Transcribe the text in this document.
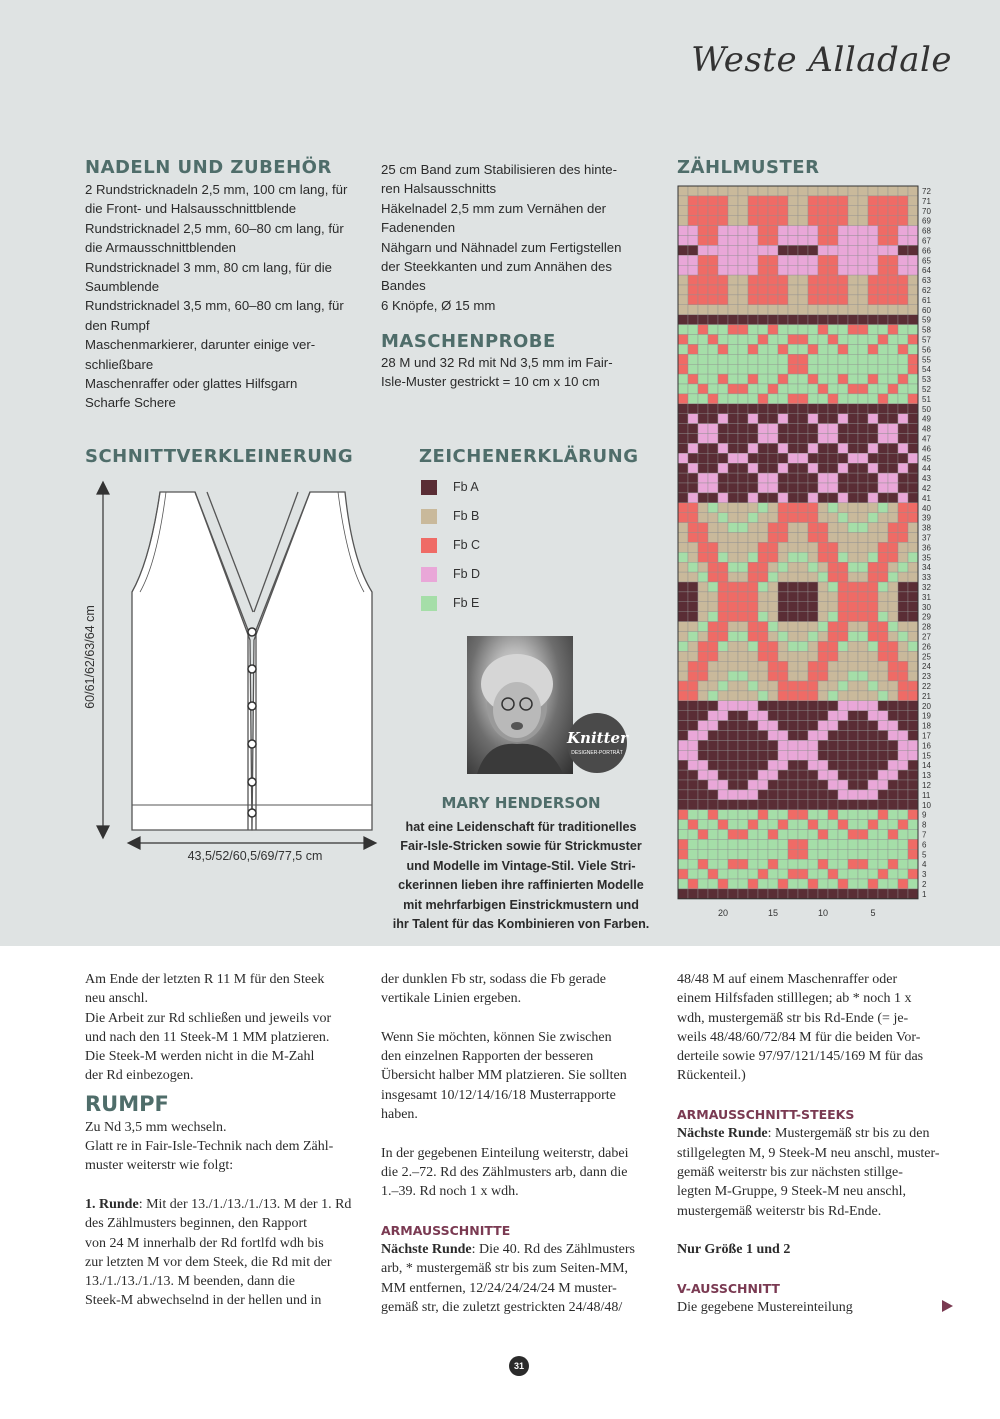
Weste Alladale
NADELN UND ZUBEHÖR
2 Rundstricknadeln 2,5 mm, 100 cm lang, für
die Front- und Halsausschnittblende
Rundstricknadel 2,5 mm, 60–80 cm lang, für
die Armausschnittblenden
Rundstricknadel 3 mm, 80 cm lang, für die
Saumblende
Rundstricknadel 3,5 mm, 60–80 cm lang, für
den Rumpf
Maschenmarkierer, darunter einige ver-
schließbare
Maschenraffer oder glattes Hilfsgarn
Scharfe Schere
25 cm Band zum Stabilisieren des hinte-
ren Halsausschnitts
Häkelnadel 2,5 mm zum Vernähen der
Fadenenden
Nähgarn und Nähnadel zum Fertigstellen
der Steekkanten und zum Annähen des
Bandes
6 Knöpfe, Ø 15 mm
MASCHENPROBE
28 M und 32 Rd mit Nd 3,5 mm im Fair-
Isle-Muster gestrickt = 10 cm x 10 cm
SCHNITTVERKLEINERUNG
60/61/62/63/64 cm
43,5/52/60,5/69/77,5 cm
ZEICHENERKLÄRUNG
Fb A
Fb B
Fb C
Fb D
Fb E
Knitter
DESIGNER-PORTRÄT
MARY HENDERSON
hat eine Leidenschaft für traditionelles
Fair-Isle-Stricken sowie für Strickmuster
und Modelle im Vintage-Stil. Viele Stri-
ckerinnen lieben ihre raffinierten Modelle
mit mehrfarbigen Einstrickmustern und
ihr Talent für das Kombinieren von Farben.
ZÄHLMUSTER
72
71
70
69
68
67
66
65
64
63
62
61
60
59
58
57
56
55
54
53
52
51
50
49
48
47
46
45
44
43
42
41
40
39
38
37
36
35
34
33
32
31
30
29
28
27
26
25
24
23
22
21
20
19
18
17
16
15
14
13
12
11
10
9
8
7
6
5
4
3
2
1
20	15	10	5
Am Ende der letzten R 11 M für den Steek
neu anschl.
Die Arbeit zur Rd schließen und jeweils vor
und nach den 11 Steek-M 1 MM platzieren.
Die Steek-M werden nicht in die M-Zahl
der Rd einbezogen.
RUMPF
Zu Nd 3,5 mm wechseln.
Glatt re in Fair-Isle-Technik nach dem Zähl-
muster weiterstr wie folgt:
1. Runde: Mit der 13./1./13./1./13. M der 1. Rd
des Zählmusters beginnen, den Rapport
von 24 M innerhalb der Rd fortlfd wdh bis
zur letzten M vor dem Steek, die Rd mit der
13./1./13./1./13. M beenden, dann die
Steek-M abwechselnd in der hellen und in
der dunklen Fb str, sodass die Fb gerade
vertikale Linien ergeben.
Wenn Sie möchten, können Sie zwischen
den einzelnen Rapporten der besseren
Übersicht halber MM platzieren. Sie sollten
insgesamt 10/12/14/16/18 Musterrapporte
haben.
In der gegebenen Einteilung weiterstr, dabei
die 2.–72. Rd des Zählmusters arb, dann die
1.–39. Rd noch 1 x wdh.
ARMAUSSCHNITTE
Nächste Runde: Die 40. Rd des Zählmusters
arb, * mustergemäß str bis zum Seiten-MM,
MM entfernen, 12/24/24/24/24 M muster-
gemäß str, die zuletzt gestrickten 24/48/48/
48/48 M auf einem Maschenraffer oder
einem Hilfsfaden stilllegen; ab * noch 1 x
wdh, mustergemäß str bis Rd-Ende (= je-
weils 48/48/60/72/84 M für die beiden Vor-
derteile sowie 97/97/121/145/169 M für das
Rückenteil.)
ARMAUSSCHNITT-STEEKS
Nächste Runde: Mustergemäß str bis zu den
stillgelegten M, 9 Steek-M neu anschl, muster-
gemäß weiterstr bis zur nächsten stillge-
legten M-Gruppe, 9 Steek-M neu anschl,
mustergemäß weiterstr bis Rd-Ende.
Nur Größe 1 und 2
V-AUSSCHNITT
Die gegebene Mustereinteilung
31
